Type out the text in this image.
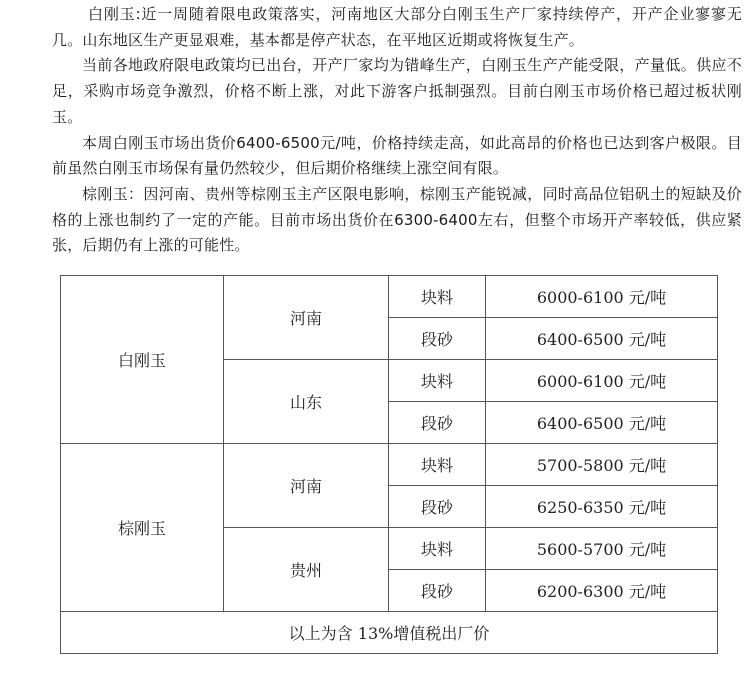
白刚玉:近一周随着限电政策落实，河南地区大部分白刚玉生产厂家持续停产，开产企业寥寥无几。山东地区生产更显艰难，基本都是停产状态，在平地区近期或将恢复生产。

当前各地政府限电政策均已出台，开产厂家均为错峰生产，白刚玉生产产能受限，产量低。供应不足，采购市场竞争激烈，价格不断上涨，对此下游客户抵制强烈。目前白刚玉市场价格已超过板状刚玉。

本周白刚玉市场出货价6400-6500元/吨，价格持续走高，如此高昂的价格也已达到客户极限。目前虽然白刚玉市场保有量仍然较少，但后期价格继续上涨空间有限。

棕刚玉：因河南、贵州等棕刚玉主产区限电影响，棕刚玉产能锐减，同时高品位铝矾土的短缺及价格的上涨也制约了一定的产能。目前市场出货价在6300-6400左右，但整个市场开产率较低，供应紧张，后期仍有上涨的可能性。

白刚玉	河南	块料	6000-6100 元/吨
		段砂	6400-6500 元/吨
	山东	块料	6000-6100 元/吨
		段砂	6400-6500 元/吨
棕刚玉	河南	块料	5700-5800 元/吨
		段砂	6250-6350 元/吨
	贵州	块料	5600-5700 元/吨
		段砂	6200-6300 元/吨
以上为含 13%增值税出厂价			
